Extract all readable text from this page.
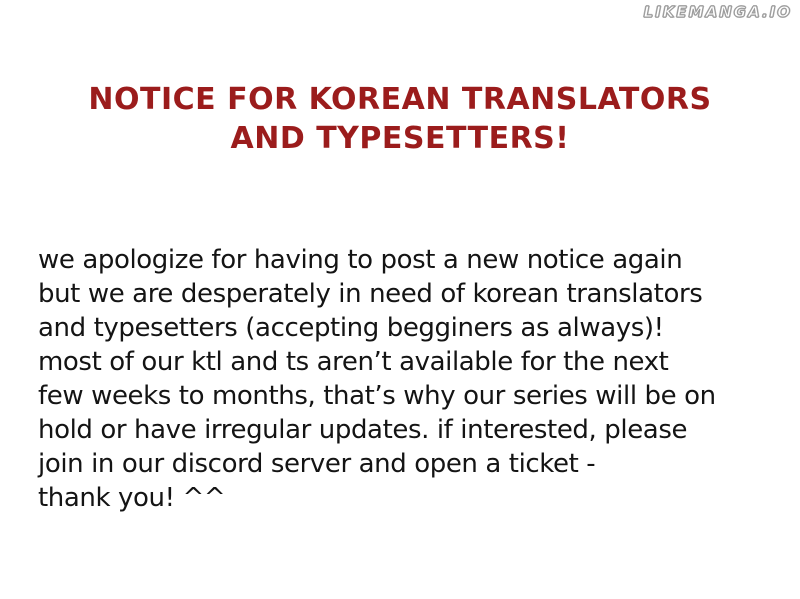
LIKEMANGA.IO
NOTICE FOR KOREAN TRANSLATORS
AND TYPESETTERS!
we apologize for having to post a new notice again
but we are desperately in need of korean translators
and typesetters (accepting begginers as always)!
most of our ktl and ts aren’t available for the next
few weeks to months, that’s why our series will be on
hold or have irregular updates. if interested, please
join in our discord server and open a ticket -
thank you! ^^
